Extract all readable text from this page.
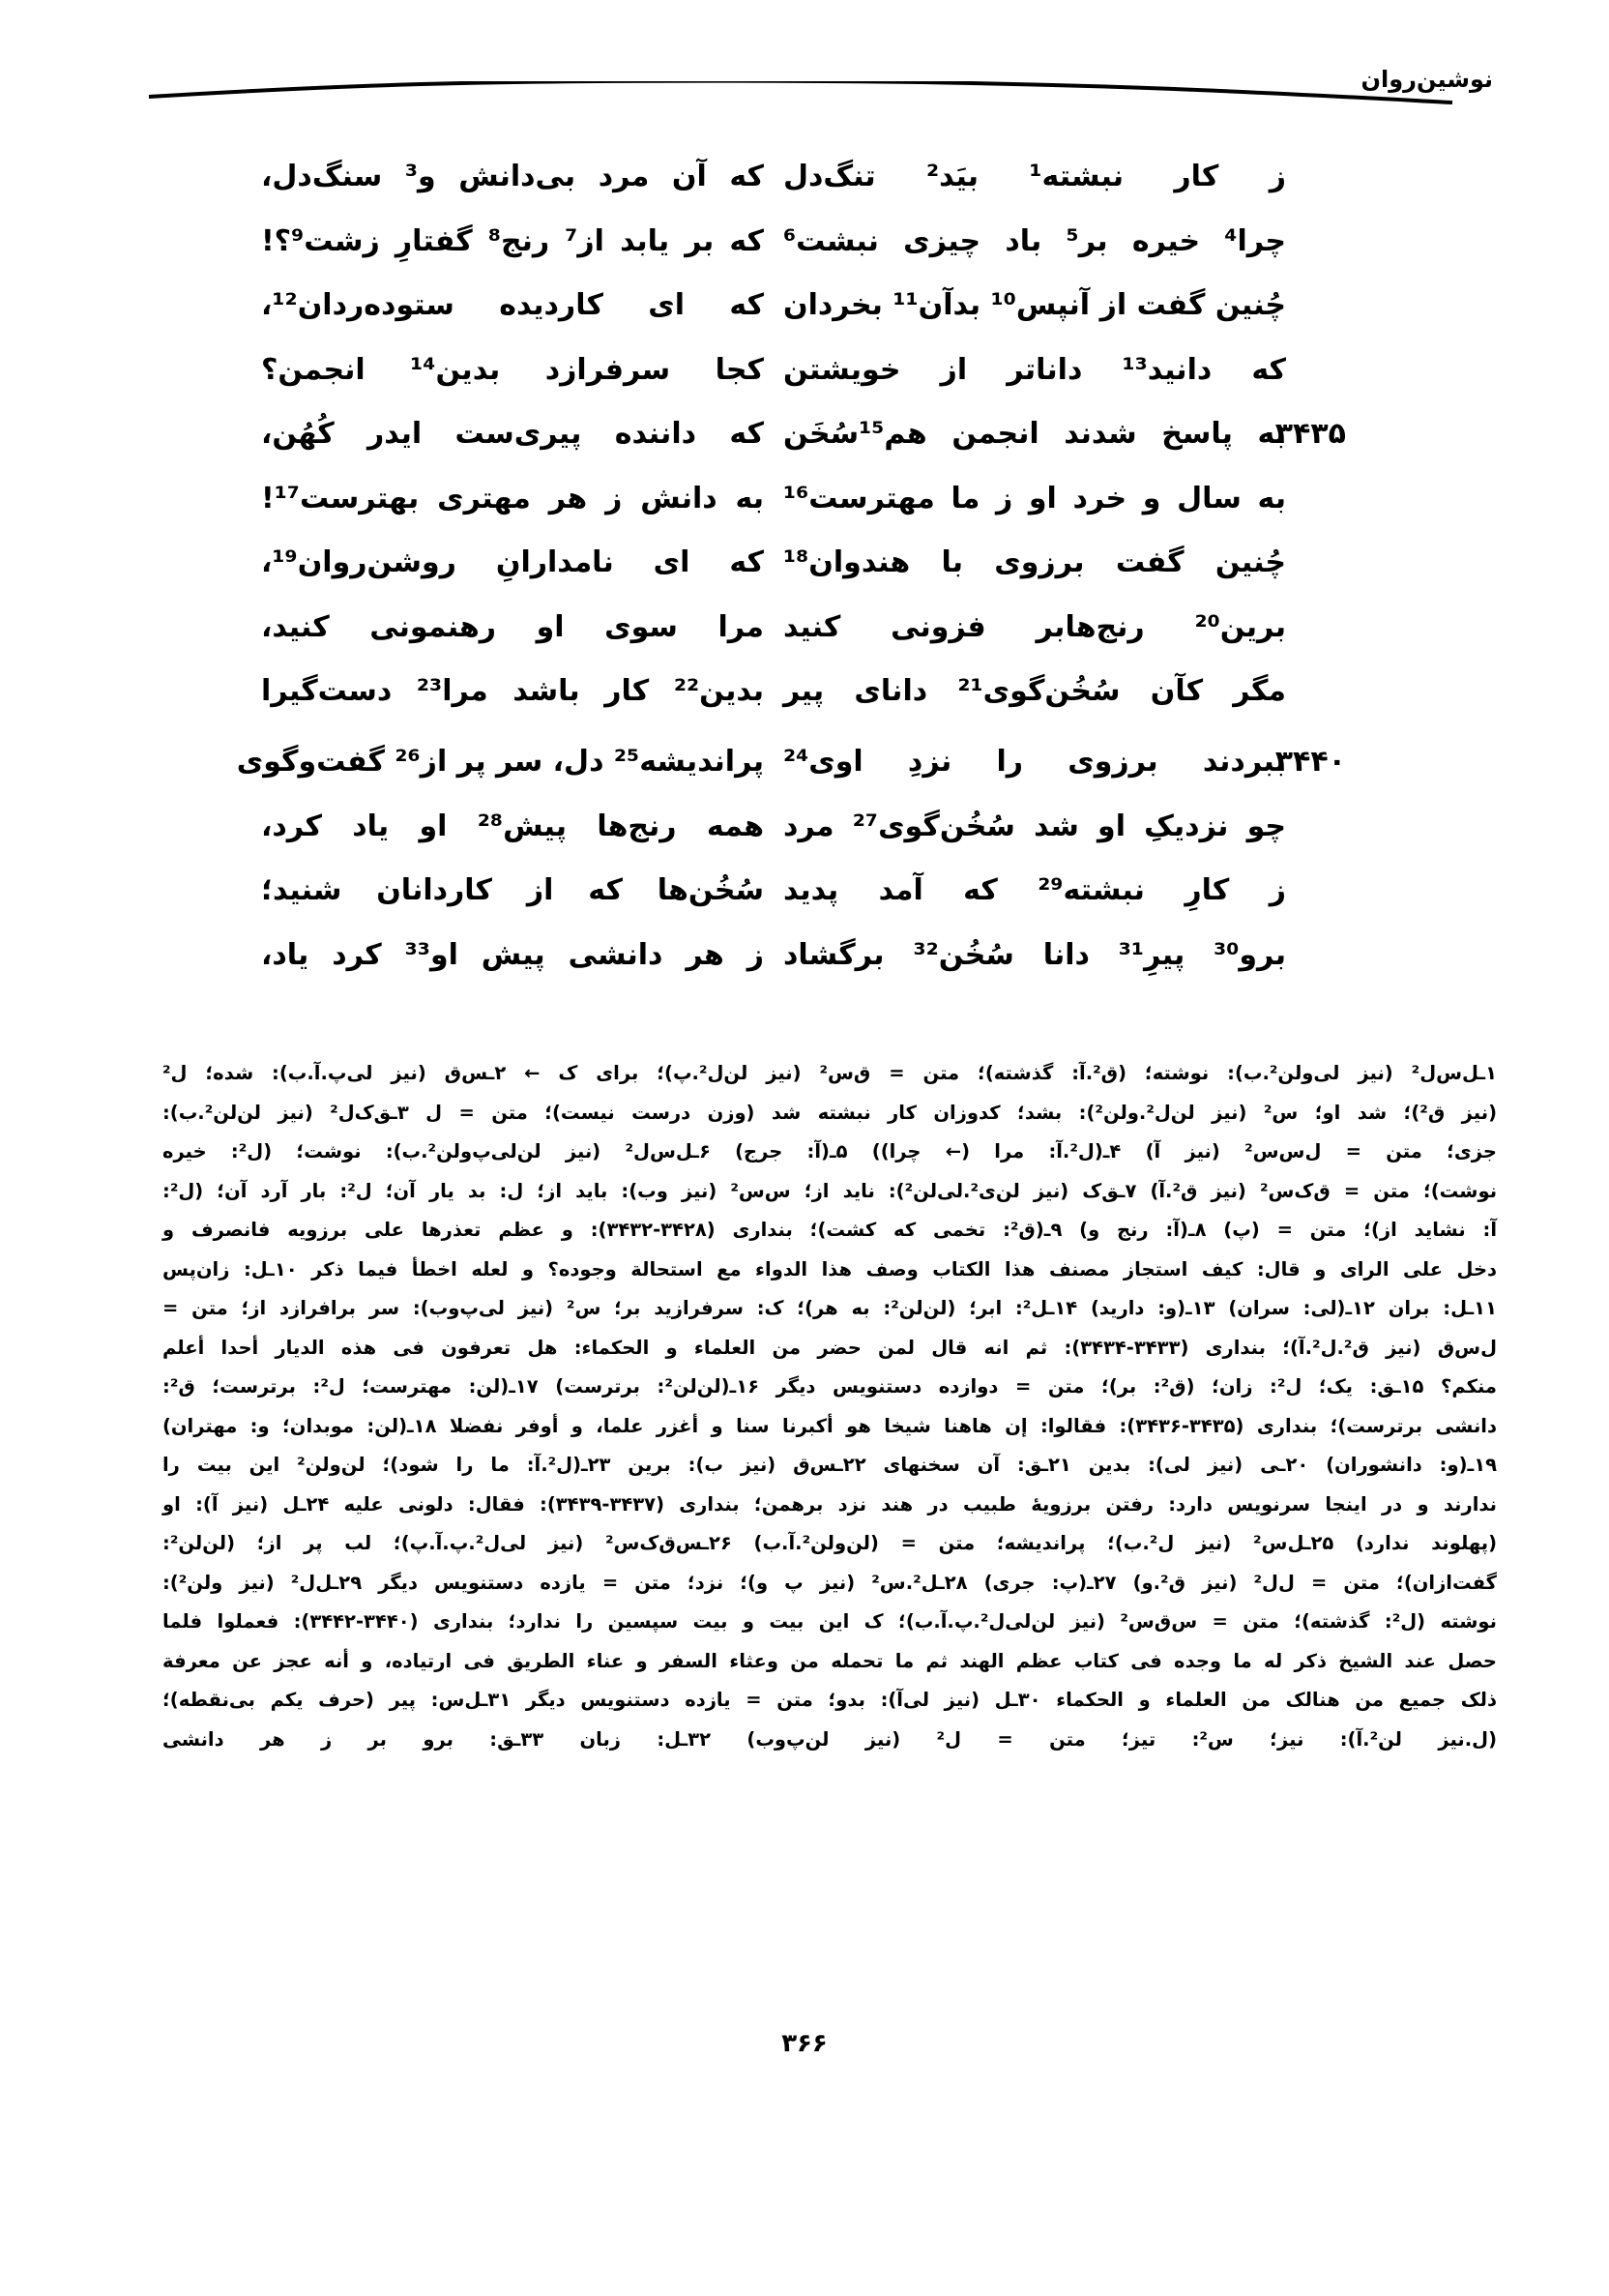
نوشین‌روان
ز کار نبشته¹ بیَد² تنگ‌دل
که آن مرد بی‌دانش و³ سنگ‌دل،
چرا⁴ خیره بر⁵ باد چیزی نبشت⁶
که بر یابد از⁷ رنج⁸ گفتارِ زشت⁹؟!
چُنین گفت از آنپس¹⁰ بدآن¹¹ بخردان
که ای کاردیده ستوده‌ردان¹²،
که دانید¹³ داناتر از خویشتن
کجا سرفرازد بدین¹⁴ انجمن؟
۳۴۳۵
به پاسخ شدند انجمن هم¹⁵سُخَن
که داننده پیری‌ست ایدر کُهُن،
به سال و خرد او ز ما مهترست¹⁶
به دانش ز هر مهتری بهترست¹⁷!
چُنین گفت برزوی با هندوان¹⁸
که ای نامدارانِ روشن‌روان¹⁹،
برین²⁰ رنج‌هابر فزونی کنید
مرا سوی او رهنمونی کنید،
مگر کآن سُخُن‌گوی²¹ دانای پیر
بدین²² کار باشد مرا²³ دست‌گیرا
۳۴۴۰
ببردند برزوی را نزدِ اوی²⁴
پراندیشه²⁵ دل، سر پر از²⁶ گفت‌وگوی
چو نزدیکِ او شد سُخُن‌گوی²⁷ مرد
همه رنج‌ها پیش²⁸ او یاد کرد،
ز کارِ نبشته²⁹ که آمد پدید
سُخُن‌ها که از کاردانان شنید؛
برو³⁰ پیرِ³¹ دانا سُخُن³² برگشاد
ز هر دانشی پیش او³³ کرد یاد،

۱ـل‌س‌ل² (نیز لی‌ولن².ب): نوشته؛ (ق².آ: گذشته)؛ متن = ق‌س² (نیز لن‌ل².پ)؛ برای ک ← ۲ـس‌ق (نیز لی‌پ.آ.ب): شده؛ ل²

(نیز ق²)؛ شد او؛ س² (نیز لن‌ل².ولن²): بشد؛ کدوزان کار نبشته شد (وزن درست نیست)؛ متن = ل ۳ـق‌ک‌ل² (نیز لن‌لن².ب):

جزی؛ متن = ل‌س‌س² (نیز آ) ۴ـ(ل².آ: مرا (← چرا)) ۵ـ(آ: جرج) ۶ـل‌س‌ل² (نیز لن‌لی‌پ‌ولن².ب): نوشت؛ (ل²: خیره

نوشت)؛ متن = ق‌ک‌س² (نیز ق².آ) ۷ـق‌ک (نیز لن‌ی².لی‌لن²): ناید از؛ س‌س² (نیز وب): باید از؛ ل: بد یار آن؛ ل²: بار آرد آن؛ (ل²:

آ: نشاید از)؛ متن = (پ) ۸ـ(آ: رنج و) ۹ـ(ق²: تخمی که کشت)؛ بنداری (۳۴۲۸-۳۴۳۲): و عظم تعذرها علی برزویه فانصرف و

دخل علی الرای و قال: کیف استجاز مصنف هذا الکتاب وصف هذا الدواء مع استحالة وجوده؟ و لعله اخطأ فیما ذکر ۱۰ـل: زان‌پس

۱۱ـل: بران ۱۲ـ(لی: سران) ۱۳ـ(و: دارید) ۱۴ـل²: ابر؛ (لن‌لن²: به هر)؛ ک: سرفرازید بر؛ س² (نیز لی‌پ‌وب): سر برافرازد از؛ متن =

ل‌س‌ق (نیز ق².ل².آ)؛ بنداری (۳۴۳۳-۳۴۳۴): ثم انه قال لمن حضر من العلماء و الحکماء: هل تعرفون فی هذه الدیار أحدا أعلم

منکم؟ ۱۵ـق: یک؛ ل²: زان؛ (ق²: بر)؛ متن = دوازده دستنویس دیگر ۱۶ـ(لن‌لن²: برترست) ۱۷ـ(لن: مهترست؛ ل²: برترست؛ ق²:

دانشی برترست)؛ بنداری (۳۴۳۵-۳۴۳۶): فقالوا: إن هاهنا شیخا هو أکبرنا سنا و أغزر علما، و أوفر نفضلا ۱۸ـ(لن: موبدان؛ و: مهتران)

۱۹ـ(و: دانشوران) ۲۰ـی (نیز لی): بدین ۲۱ـق: آن سخنهای ۲۲ـس‌ق (نیز ب): برین ۲۳ـ(ل².آ: ما را شود)؛ لن‌ولن² این بیت را

ندارند و در اینجا سرنویس دارد: رفتن برزویهٔ طبیب در هند نزد برهمن؛ بنداری (۳۴۳۷-۳۴۳۹): فقال: دلونی علیه ۲۴ـل (نیز آ): او

(پهلوند ندارد) ۲۵ـل‌س² (نیز ل².ب)؛ پراندیشه؛ متن = (لن‌ولن².آ.ب) ۲۶ـس‌ق‌ک‌س² (نیز لی‌ل².پ.آ.پ)؛ لب پر از؛ (لن‌لن²:

گفت‌ازان)؛ متن = ل‌ل² (نیز ق².و) ۲۷ـ(پ: جری) ۲۸ـل².س² (نیز پ و)؛ نزد؛ متن = یازده دستنویس دیگر ۲۹ـل‌ل² (نیز ولن²):

نوشته (ل²: گذشته)؛ متن = س‌ق‌س² (نیز لن‌لی‌ل².پ.آ.ب)؛ ک این بیت و بیت سپسین را ندارد؛ بنداری (۳۴۴۰-۳۴۴۲): فعملوا فلما

حصل عند الشیخ ذکر له ما وجده فی کتاب عظم الهند ثم ما تحمله من وعثاء السفر و عناء الطریق فی ارتیاده، و أنه عجز عن معرفة

ذلک جمیع من هنالک من العلماء و الحکماء ۳۰ـل (نیز لی‌آ): بدو؛ متن = یازده دستنویس دیگر ۳۱ـل‌س: پیر (حرف یکم بی‌نقطه)؛

(ل.نیز لن².آ): نیز؛ س²: تیز؛ متن = ل² (نیز لن‌پ‌و‌ب) ۳۲ـل: زبان ۳۳ـق: برو بر ز هر دانشی

۳۶۶
